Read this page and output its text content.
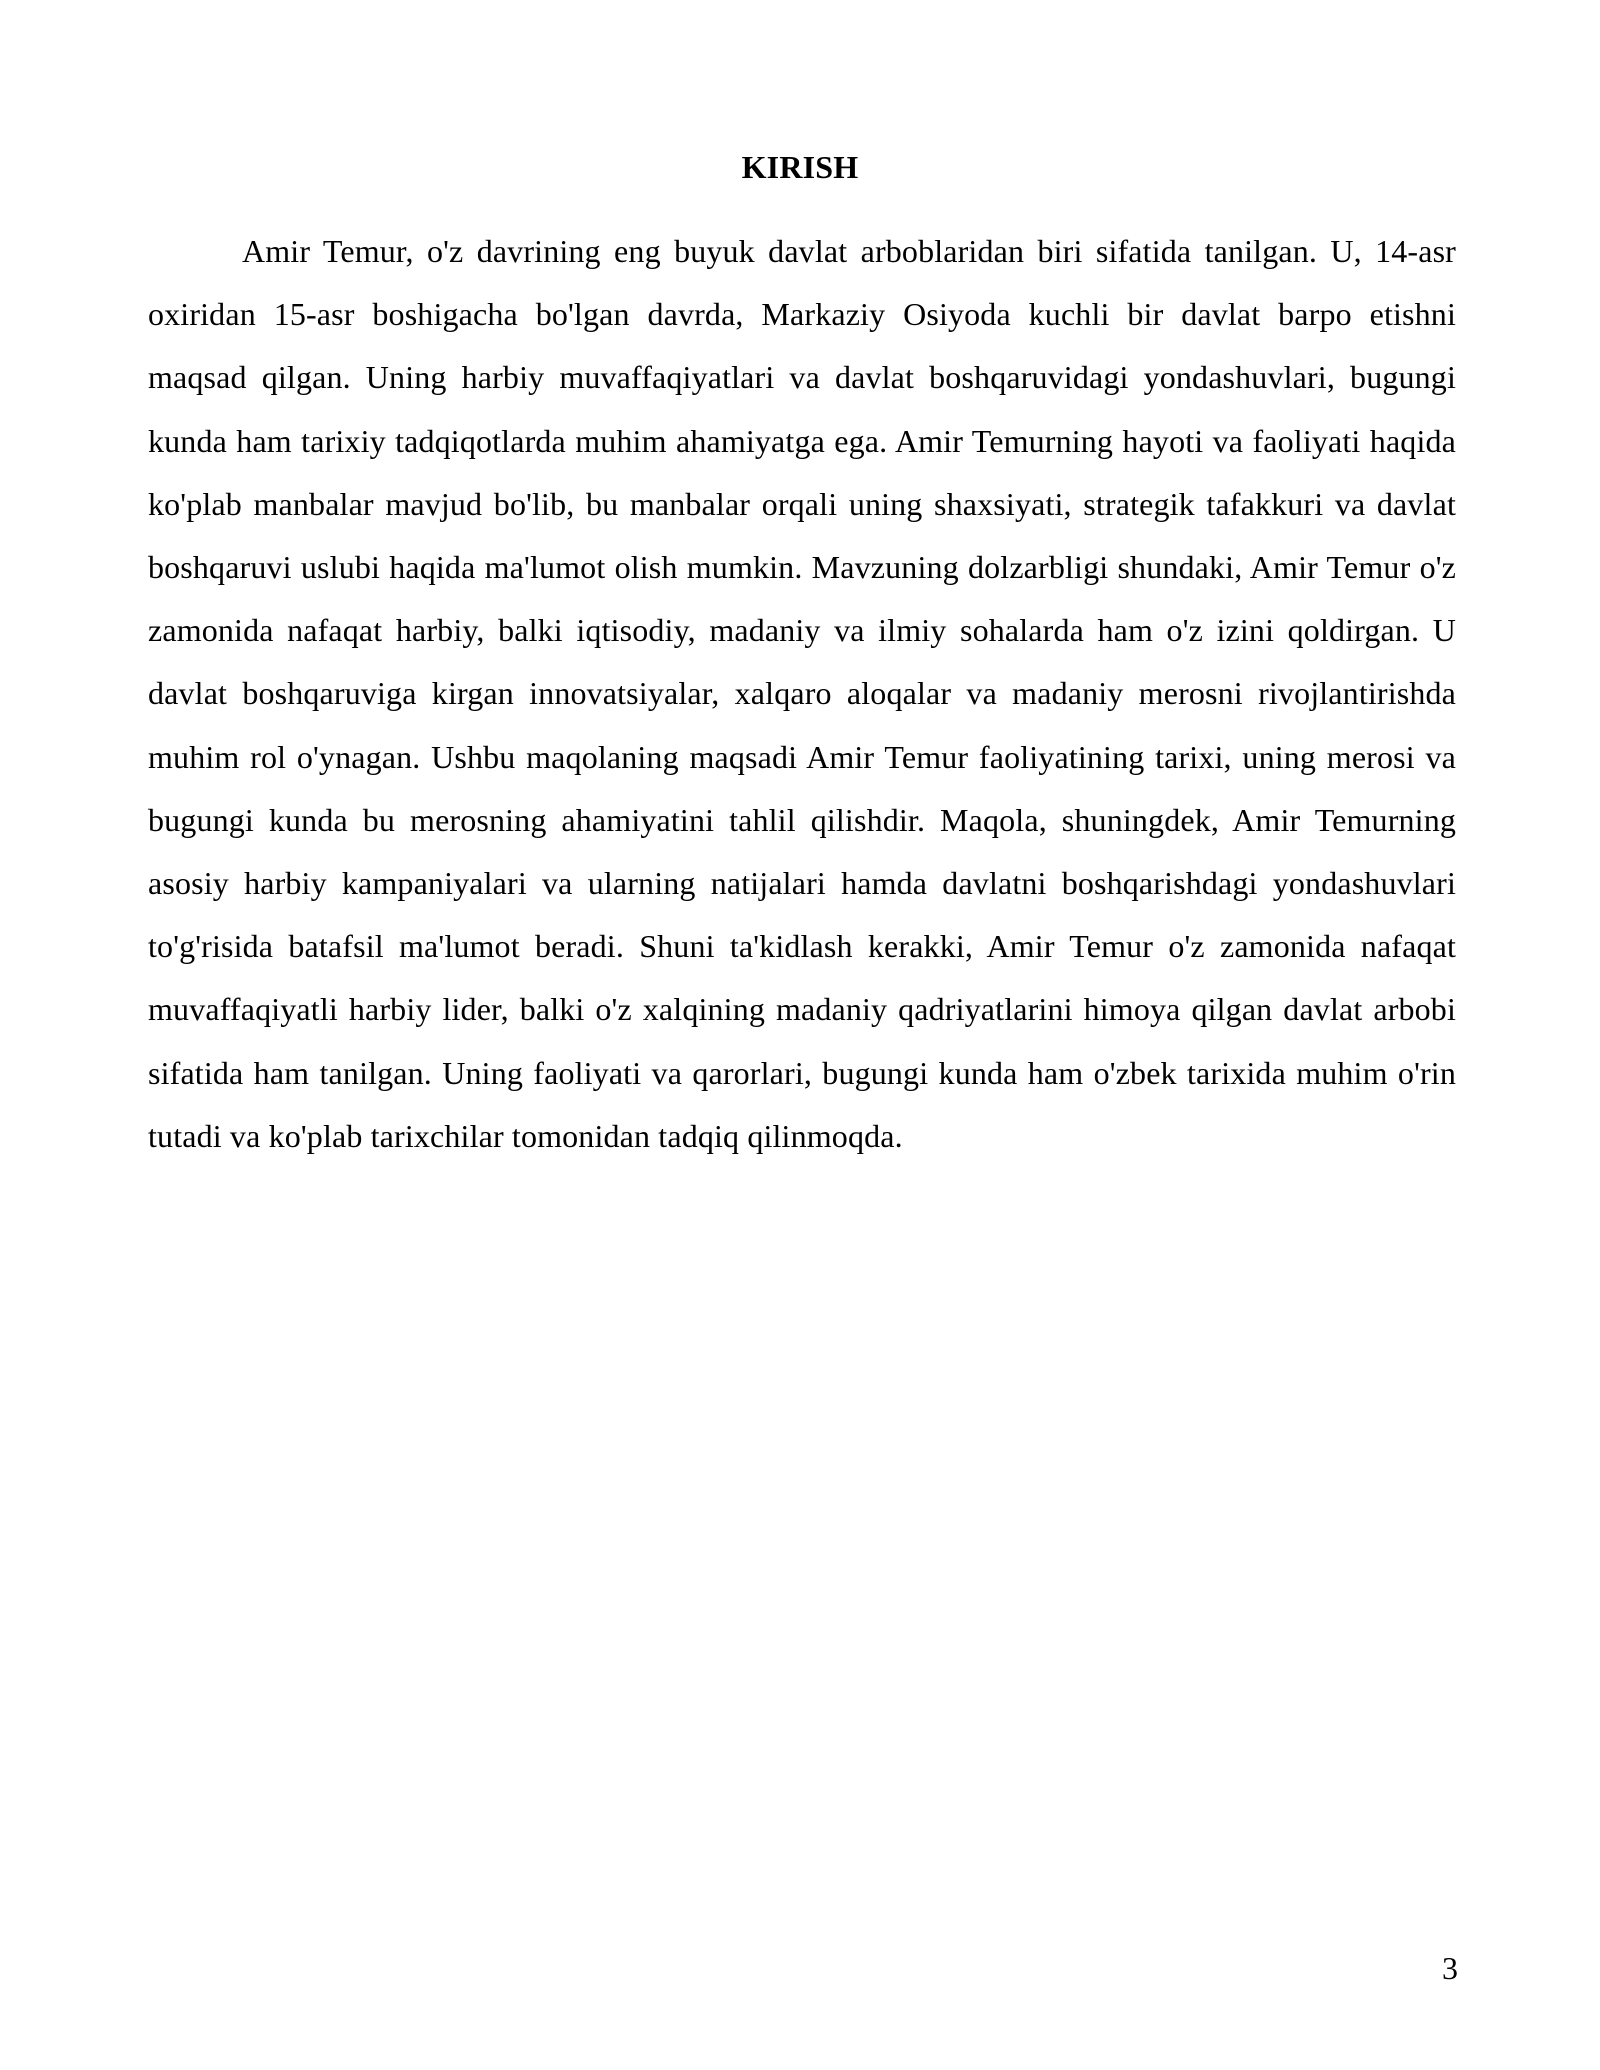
KIRISH

Amir Temur, o'z davrining eng buyuk davlat arboblaridan biri sifatida tanilgan. U, 14-asr oxiridan 15-asr boshigacha bo'lgan davrda, Markaziy Osiyoda kuchli bir davlat barpo etishni maqsad qilgan. Uning harbiy muvaffaqiyatlari va davlat boshqaruvidagi yondashuvlari, bugungi kunda ham tarixiy tadqiqotlarda muhim ahamiyatga ega. Amir Temurning hayoti va faoliyati haqida ko'plab manbalar mavjud bo'lib, bu manbalar orqali uning shaxsiyati, strategik tafakkuri va davlat boshqaruvi uslubi haqida ma'lumot olish mumkin. Mavzuning dolzarbligi shundaki, Amir Temur o'z zamonida nafaqat harbiy, balki iqtisodiy, madaniy va ilmiy sohalarda ham o'z izini qoldirgan. U davlat boshqaruviga kirgan innovatsiyalar, xalqaro aloqalar va madaniy merosni rivojlantirishda muhim rol o'ynagan. Ushbu maqolaning maqsadi Amir Temur faoliyatining tarixi, uning merosi va bugungi kunda bu merosning ahamiyatini tahlil qilishdir. Maqola, shuningdek, Amir Temurning asosiy harbiy kampaniyalari va ularning natijalari hamda davlatni boshqarishdagi yondashuvlari to'g'risida batafsil ma'lumot beradi. Shuni ta'kidlash kerakki, Amir Temur o'z zamonida nafaqat muvaffaqiyatli harbiy lider, balki o'z xalqining madaniy qadriyatlarini himoya qilgan davlat arbobi sifatida ham tanilgan. Uning faoliyati va qarorlari, bugungi kunda ham o'zbek tarixida muhim o'rin tutadi va ko'plab tarixchilar tomonidan tadqiq qilinmoqda.

3
